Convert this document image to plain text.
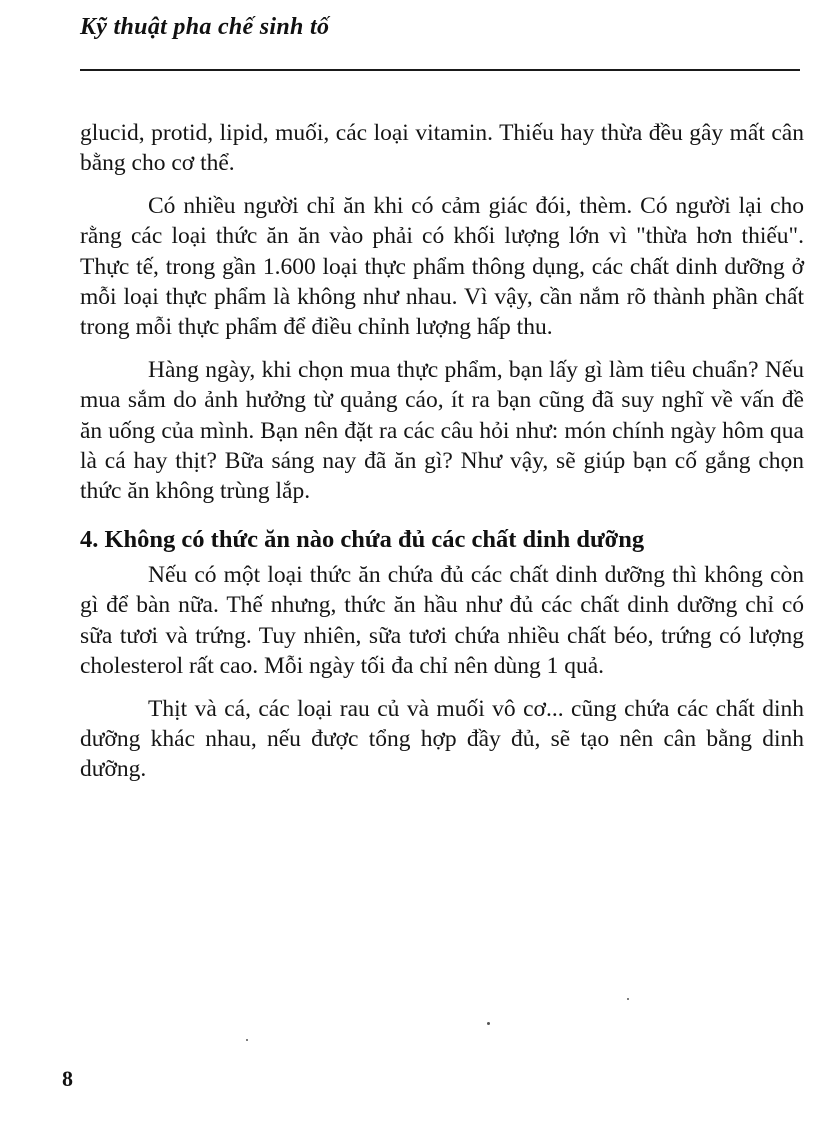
Kỹ thuật pha chế sinh tố

glucid, protid, lipid, muối, các loại vitamin. Thiếu hay thừa đều gây mất cân bằng cho cơ thể.

Có nhiều người chỉ ăn khi có cảm giác đói, thèm. Có người lại cho rằng các loại thức ăn ăn vào phải có khối lượng lớn vì "thừa hơn thiếu". Thực tế, trong gần 1.600 loại thực phẩm thông dụng, các chất dinh dưỡng ở mỗi loại thực phẩm là không như nhau. Vì vậy, cần nắm rõ thành phần chất trong mỗi thực phẩm để điều chỉnh lượng hấp thu.

Hàng ngày, khi chọn mua thực phẩm, bạn lấy gì làm tiêu chuẩn? Nếu mua sắm do ảnh hưởng từ quảng cáo, ít ra bạn cũng đã suy nghĩ về vấn đề ăn uống của mình. Bạn nên đặt ra các câu hỏi như: món chính ngày hôm qua là cá hay thịt? Bữa sáng nay đã ăn gì? Như vậy, sẽ giúp bạn cố gắng chọn thức ăn không trùng lắp.

4. Không có thức ăn nào chứa đủ các chất dinh dưỡng

Nếu có một loại thức ăn chứa đủ các chất dinh dưỡng thì không còn gì để bàn nữa. Thế nhưng, thức ăn hầu như đủ các chất dinh dưỡng chỉ có sữa tươi và trứng. Tuy nhiên, sữa tươi chứa nhiều chất béo, trứng có lượng cholesterol rất cao. Mỗi ngày tối đa chỉ nên dùng 1 quả.

Thịt và cá, các loại rau củ và muối vô cơ... cũng chứa các chất dinh dưỡng khác nhau, nếu được tổng hợp đầy đủ, sẽ tạo nên cân bằng dinh dưỡng.

8
